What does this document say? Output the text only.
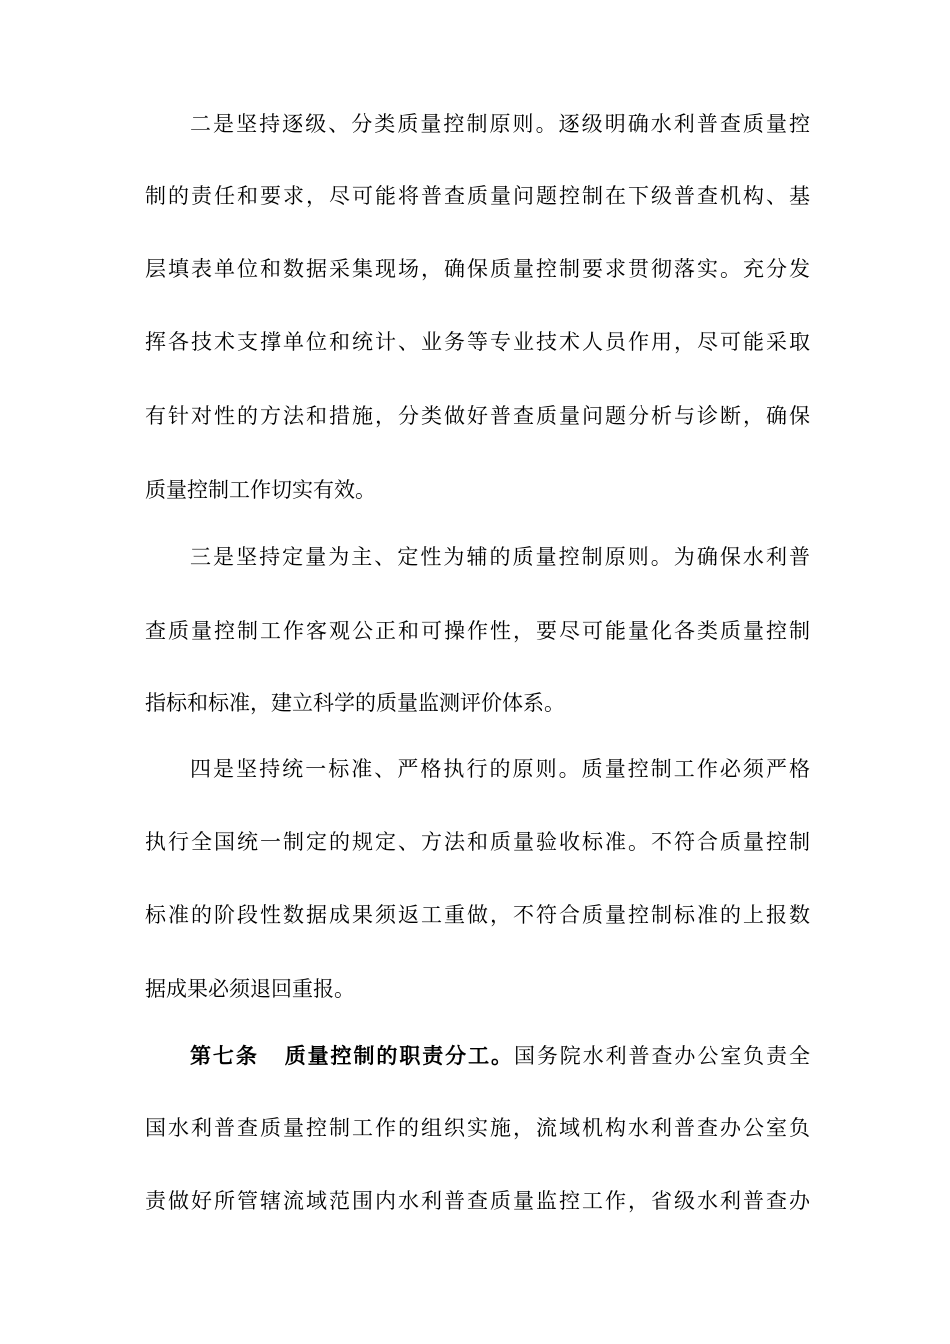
二是坚持逐级、分类质量控制原则。逐级明确水利普查质量控
制的责任和要求，尽可能将普查质量问题控制在下级普查机构、基
层填表单位和数据采集现场，确保质量控制要求贯彻落实。充分发
挥各技术支撑单位和统计、业务等专业技术人员作用，尽可能采取
有针对性的方法和措施，分类做好普查质量问题分析与诊断，确保
质量控制工作切实有效。
三是坚持定量为主、定性为辅的质量控制原则。为确保水利普
查质量控制工作客观公正和可操作性，要尽可能量化各类质量控制
指标和标准，建立科学的质量监测评价体系。
四是坚持统一标准、严格执行的原则。质量控制工作必须严格
执行全国统一制定的规定、方法和质量验收标准。不符合质量控制
标准的阶段性数据成果须返工重做，不符合质量控制标准的上报数
据成果必须退回重报。
第七条 质量控制的职责分工。国务院水利普查办公室负责全
国水利普查质量控制工作的组织实施，流域机构水利普查办公室负
责做好所管辖流域范围内水利普查质量监控工作，省级水利普查办
